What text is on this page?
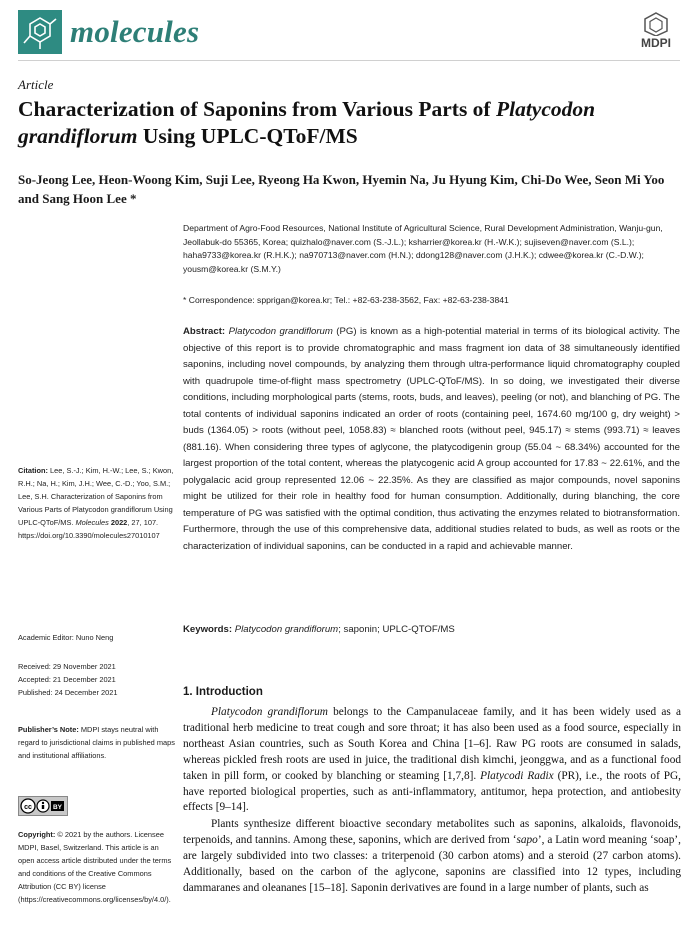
molecules	MDPI
Article
Characterization of Saponins from Various Parts of Platycodon grandiflorum Using UPLC-QToF/MS
So-Jeong Lee, Heon-Woong Kim, Suji Lee, Ryeong Ha Kwon, Hyemin Na, Ju Hyung Kim, Chi-Do Wee, Seon Mi Yoo and Sang Hoon Lee *
Department of Agro-Food Resources, National Institute of Agricultural Science, Rural Development Administration, Wanju-gun, Jeollabuk-do 55365, Korea; quizhalo@naver.com (S.-J.L.); ksharrier@korea.kr (H.-W.K.); sujiseven@naver.com (S.L.); haha9733@korea.kr (R.H.K.); na970713@naver.com (H.N.); ddong128@naver.com (J.H.K.); cdwee@korea.kr (C.-D.W.); yousm@korea.kr (S.M.Y.)
* Correspondence: spprigan@korea.kr; Tel.: +82-63-238-3562, Fax: +82-63-238-3841
Abstract: Platycodon grandiflorum (PG) is known as a high-potential material in terms of its biological activity. The objective of this report is to provide chromatographic and mass fragment ion data of 38 simultaneously identified saponins, including novel compounds, by analyzing them through ultra-performance liquid chromatography coupled with quadrupole time-of-flight mass spectrometry (UPLC-QToF/MS). In so doing, we investigated their diverse conditions, including morphological parts (stems, roots, buds, and leaves), peeling (or not), and blanching of PG. The total contents of individual saponins indicated an order of roots (containing peel, 1674.60 mg/100 g, dry weight) > buds (1364.05) > roots (without peel, 1058.83) ≈ blanched roots (without peel, 945.17) ≈ stems (993.71) ≈ leaves (881.16). When considering three types of aglycone, the platycodigenin group (55.04 ~ 68.34%) accounted for the largest proportion of the total content, whereas the platycogenic acid A group accounted for 17.83 ~ 22.61%, and the polygalacic acid group represented 12.06 ~ 22.35%. As they are classified as major compounds, novel saponins might be utilized for their role in healthy food for human consumption. Additionally, during blanching, the core temperature of PG was satisfied with the optimal condition, thus activating the enzymes related to biotransformation. Furthermore, through the use of this comprehensive data, additional studies related to buds, as well as roots or the characterization of individual saponins, can be conducted in a rapid and achievable manner.
Keywords: Platycodon grandiflorum; saponin; UPLC-QTOF/MS
Citation: Lee, S.-J.; Kim, H.-W.; Lee, S.; Kwon, R.H.; Na, H.; Kim, J.H.; Wee, C.-D.; Yoo, S.M.; Lee, S.H. Characterization of Saponins from Various Parts of Platycodon grandiflorum Using UPLC-QToF/MS. Molecules 2022, 27, 107. https://doi.org/10.3390/molecules27010107
Academic Editor: Nuno Neng
Received: 29 November 2021
Accepted: 21 December 2021
Published: 24 December 2021
Publisher’s Note: MDPI stays neutral with regard to jurisdictional claims in published maps and institutional affiliations.
cc	BY
Copyright: © 2021 by the authors. Licensee MDPI, Basel, Switzerland. This article is an open access article distributed under the terms and conditions of the Creative Commons Attribution (CC BY) license (https://creativecommons.org/licenses/by/4.0/).
1. Introduction

Platycodon grandiflorum belongs to the Campanulaceae family, and it has been widely used as a traditional herb medicine to treat cough and sore throat; it has also been used as a food source, especially in northeast Asian countries, such as South Korea and China [1–6]. Raw PG roots are consumed in salads, whereas pickled fresh roots are used in juice, the traditional dish kimchi, jeonggwa, and as a functional food taken in pill form, or cooked by blanching or steaming [1,7,8]. Platycodi Radix (PR), i.e., the roots of PG, have reported biological properties, such as anti-inflammatory, antitumor, hepa protection, and antiobesity effects [9–14].

Plants synthesize different bioactive secondary metabolites such as saponins, alkaloids, flavonoids, terpenoids, and tannins. Among these, saponins, which are derived from ‘sapo’, a Latin word meaning ‘soap’, are largely subdivided into two classes: a triterpenoid (30 carbon atoms) and a steroid (27 carbon atoms). Additionally, based on the carbon of the aglycone, saponins are classified into 12 types, including dammaranes and oleananes [15–18]. Saponin derivatives are found in a large number of plants, such as
